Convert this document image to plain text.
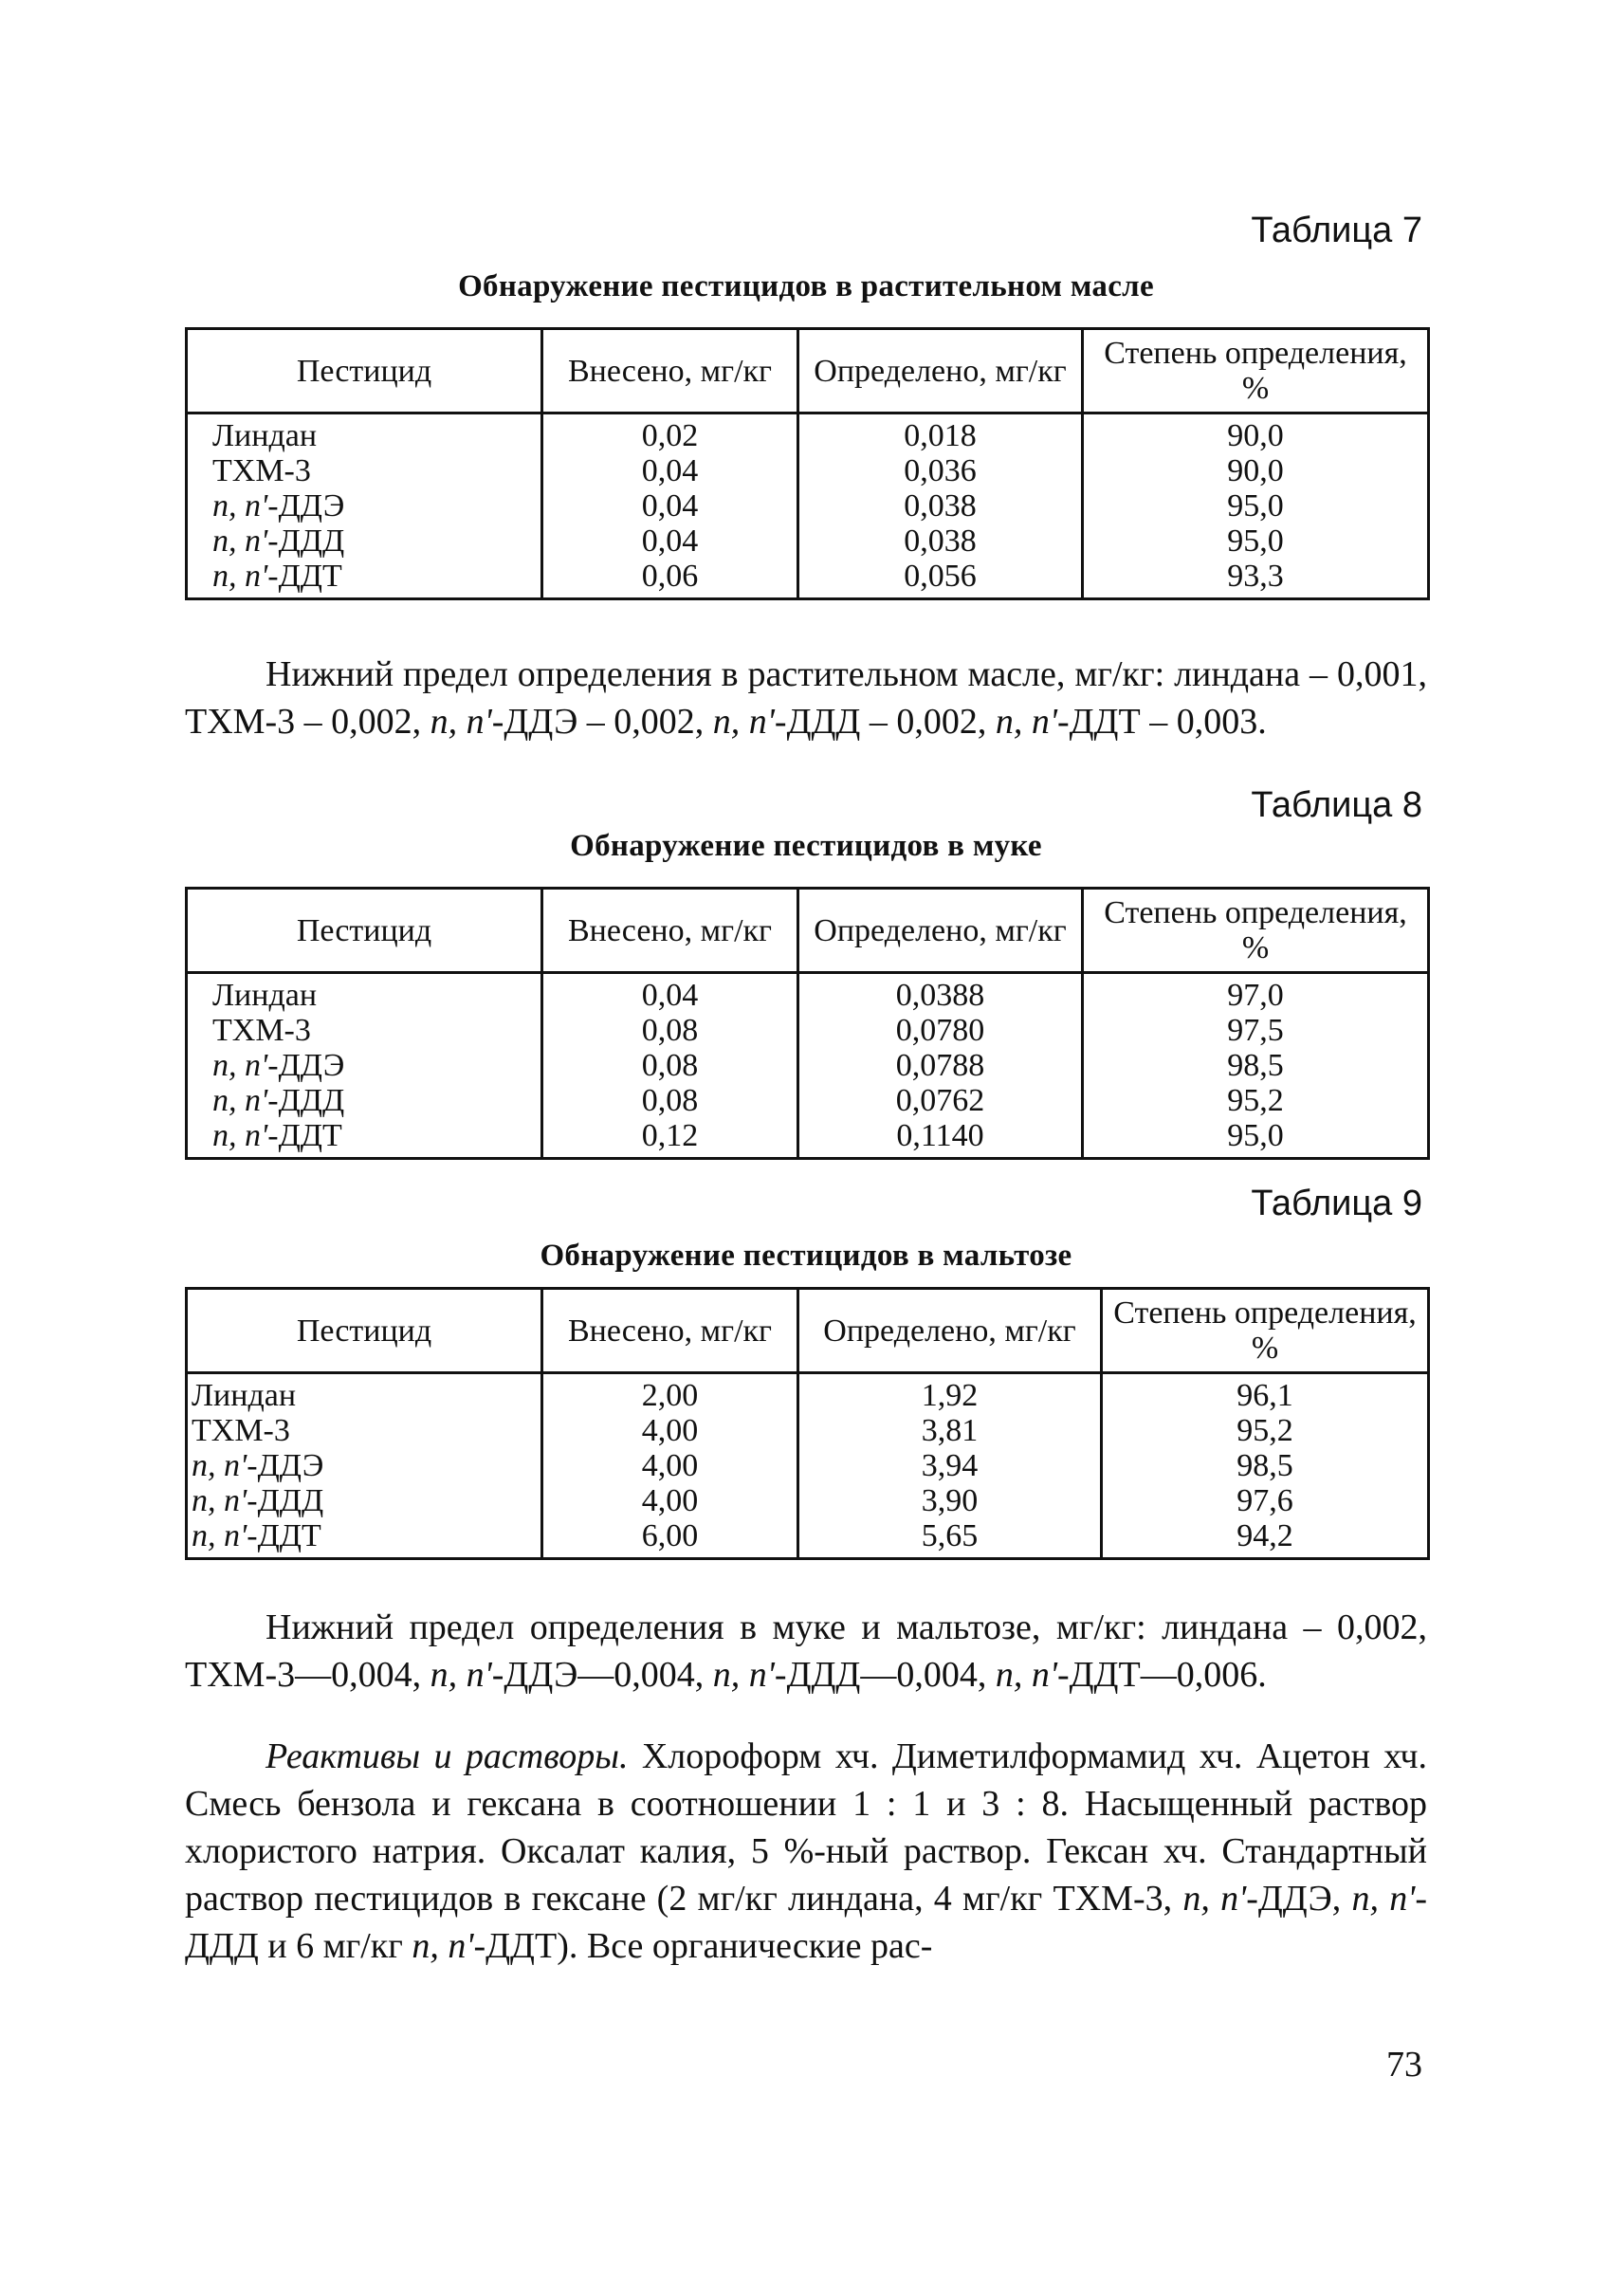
Таблица 7
Обнаружение пестицидов в растительном масле
Пестицид	Внесено, мг/кг	Определено, мг/кг	Степень определения, %
Линдан	0,02	0,018	90,0
ТХМ-3	0,04	0,036	90,0
n, n'-ДДЭ	0,04	0,038	95,0
n, n'-ДДД	0,04	0,038	95,0
n, n'-ДДТ	0,06	0,056	93,3
Нижний предел определения в растительном масле, мг/кг: линдана – 0,001, ТХМ-3 – 0,002, n, n'-ДДЭ – 0,002, n, n'-ДДД – 0,002, n, n'-ДДТ – 0,003.
Таблица 8
Обнаружение пестицидов в муке
Пестицид	Внесено, мг/кг	Определено, мг/кг	Степень определения, %
Линдан	0,04	0,0388	97,0
ТХМ-3	0,08	0,0780	97,5
n, n'-ДДЭ	0,08	0,0788	98,5
n, n'-ДДД	0,08	0,0762	95,2
n, n'-ДДТ	0,12	0,1140	95,0
Таблица 9
Обнаружение пестицидов в мальтозе
Пестицид	Внесено, мг/кг	Определено, мг/кг	Степень определения, %
Линдан	2,00	1,92	96,1
ТХМ-3	4,00	3,81	95,2
n, n'-ДДЭ	4,00	3,94	98,5
n, n'-ДДД	4,00	3,90	97,6
n, n'-ДДТ	6,00	5,65	94,2
Нижний предел определения в муке и мальтозе, мг/кг: линдана – 0,002, ТХМ-3—0,004, n, n'-ДДЭ—0,004, n, n'-ДДД—0,004, n, n'-ДДТ—0,006.
Реактивы и растворы. Хлороформ хч. Диметилформамид хч. Ацетон хч. Смесь бензола и гексана в соотношении 1 : 1 и 3 : 8. Насыщенный раствор хлористого натрия. Оксалат калия, 5 %-ный раствор. Гексан хч. Стандартный раствор пестицидов в гексане (2 мг/кг линдана, 4 мг/кг ТХМ-3, n, n'-ДДЭ, n, n'-ДДД и 6 мг/кг n, n'-ДДТ). Все органические рас-
73
